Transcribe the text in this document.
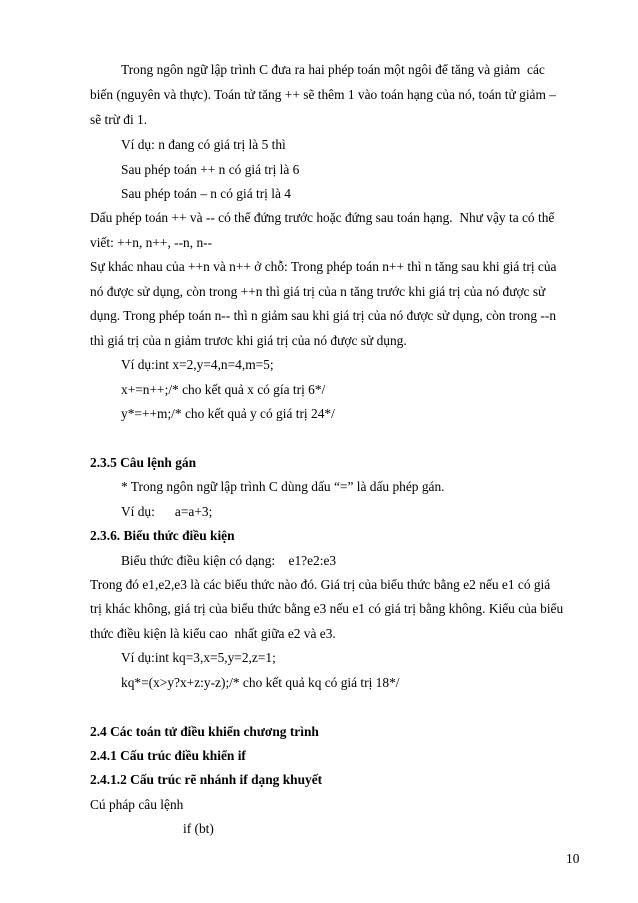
Trong ngôn ngữ lập trình C đưa ra hai phép toán một ngôi để tăng và giảm  các
biến (nguyên và thực). Toán tử tăng ++ sẽ thêm 1 vào toán hạng của nó, toán tử giảm –
sẽ trừ đi 1.
Ví dụ: n đang có giá trị là 5 thì
Sau phép toán ++ n có giá trị là 6
Sau phép toán – n có giá trị là 4
Dấu phép toán ++ và -- có thể đứng trước hoặc đứng sau toán hạng.  Như vậy ta có thể
viết: ++n, n++, --n, n--
Sự khác nhau của ++n và n++ ở chỗ: Trong phép toán n++ thì n tăng sau khi giá trị của
nó được sử dụng, còn trong ++n thì giá trị của n tăng trước khi giá trị của nó được sử
dụng. Trong phép toán n-- thì n giảm sau khi giá trị của nó được sử dụng, còn trong --n
thì giá trị của n giảm trươc khi giá trị của nó được sử dụng.
Ví dụ:int x=2,y=4,n=4,m=5;
x+=n++;/* cho kết quả x có gía trị 6*/
y*=++m;/* cho kết quả y có giá trị 24*/
2.3.5 Câu lệnh gán
* Trong ngôn ngữ lập trình C dùng dấu “=” là dấu phép gán.
Ví dụ:      a=a+3;
2.3.6. Biểu thức điều kiện
Biểu thức điều kiện có dạng:    e1?e2:e3
Trong đó e1,e2,e3 là các biểu thức nào đó. Giá trị của biểu thức bằng e2 nếu e1 có giá
trị khác không, giá trị của biểu thức bằng e3 nếu e1 có giá trị bằng không. Kiểu của biểu
thức điều kiện là kiểu cao  nhất giữa e2 và e3.
Ví dụ:int kq=3,x=5,y=2,z=1;
kq*=(x>y?x+z:y-z);/* cho kết quả kq có giá trị 18*/
2.4 Các toán tử điều khiển chương trình
2.4.1 Cấu trúc điều khiển if
2.4.1.2 Cấu trúc rẽ nhánh if dạng khuyết
Cú pháp câu lệnh
if (bt)
10
